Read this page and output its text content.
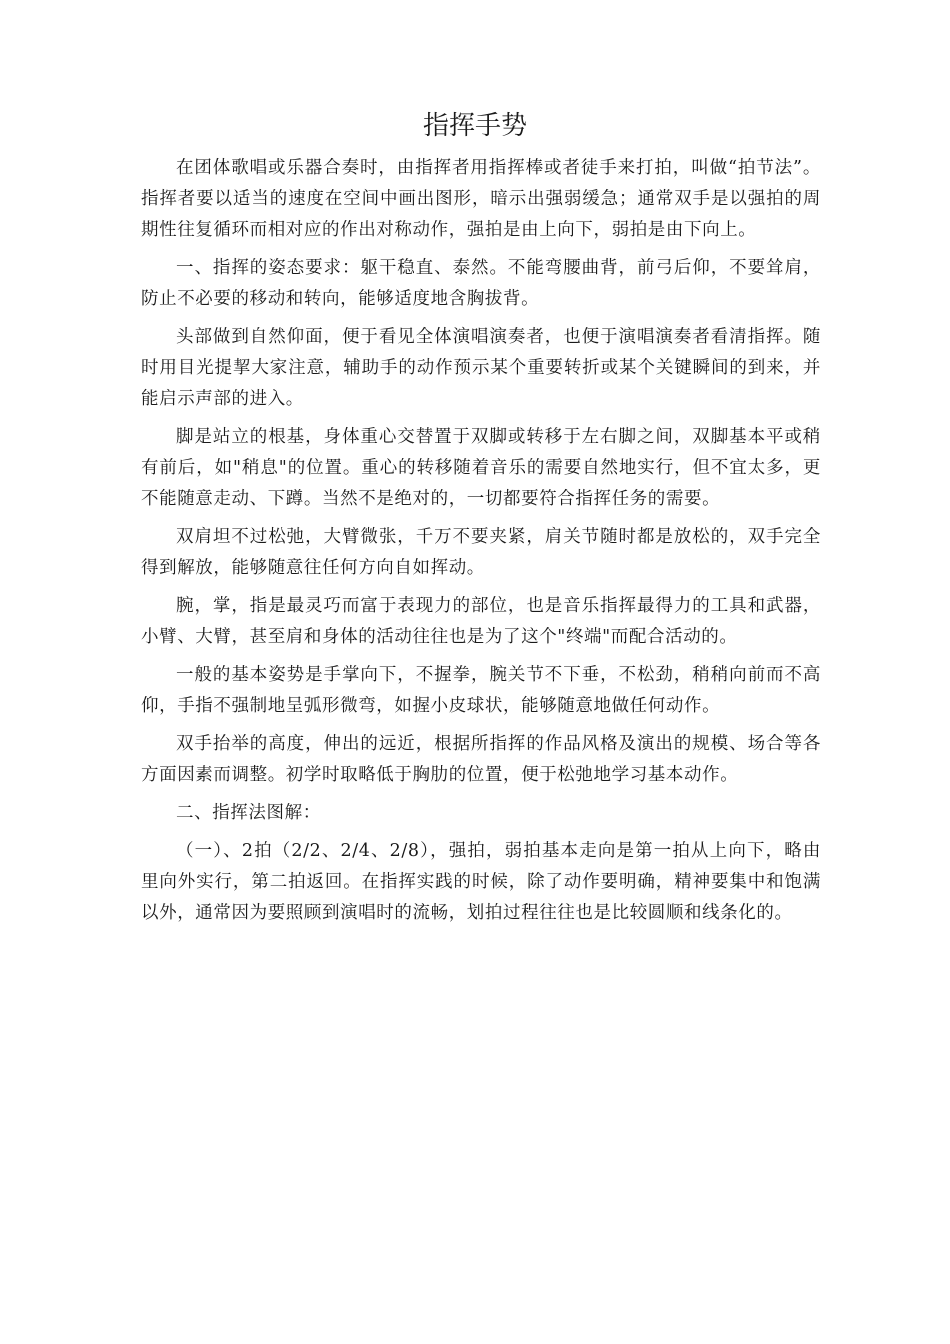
指挥手势

在团体歌唱或乐器合奏时，由指挥者用指挥棒或者徒手来打拍，叫做“拍节法”。指挥者要以适当的速度在空间中画出图形，暗示出强弱缓急；通常双手是以强拍的周期性往复循环而相对应的作出对称动作，强拍是由上向下，弱拍是由下向上。

一、指挥的姿态要求：躯干稳直、泰然。不能弯腰曲背，前弓后仰，不要耸肩，防止不必要的移动和转向，能够适度地含胸拔背。

头部做到自然仰面，便于看见全体演唱演奏者，也便于演唱演奏者看清指挥。随时用目光提挈大家注意，辅助手的动作预示某个重要转折或某个关键瞬间的到来，并能启示声部的进入。

脚是站立的根基，身体重心交替置于双脚或转移于左右脚之间，双脚基本平或稍有前后，如"稍息"的位置。重心的转移随着音乐的需要自然地实行，但不宜太多，更不能随意走动、下蹲。当然不是绝对的，一切都要符合指挥任务的需要。

双肩坦不过松弛，大臂微张，千万不要夹紧，肩关节随时都是放松的，双手完全得到解放，能够随意往任何方向自如挥动。

腕，掌，指是最灵巧而富于表现力的部位，也是音乐指挥最得力的工具和武器，小臂、大臂，甚至肩和身体的活动往往也是为了这个"终端"而配合活动的。

一般的基本姿势是手掌向下，不握拳，腕关节不下垂，不松劲，稍稍向前而不高仰，手指不强制地呈弧形微弯，如握小皮球状，能够随意地做任何动作。

双手抬举的高度，伸出的远近，根据所指挥的作品风格及演出的规模、场合等各方面因素而调整。初学时取略低于胸肋的位置，便于松弛地学习基本动作。

二、指挥法图解：

（一）、2拍（2/2、2/4、2/8），强拍，弱拍基本走向是第一拍从上向下，略由里向外实行，第二拍返回。在指挥实践的时候，除了动作要明确，精神要集中和饱满以外，通常因为要照顾到演唱时的流畅，划拍过程往往也是比较圆顺和线条化的。
